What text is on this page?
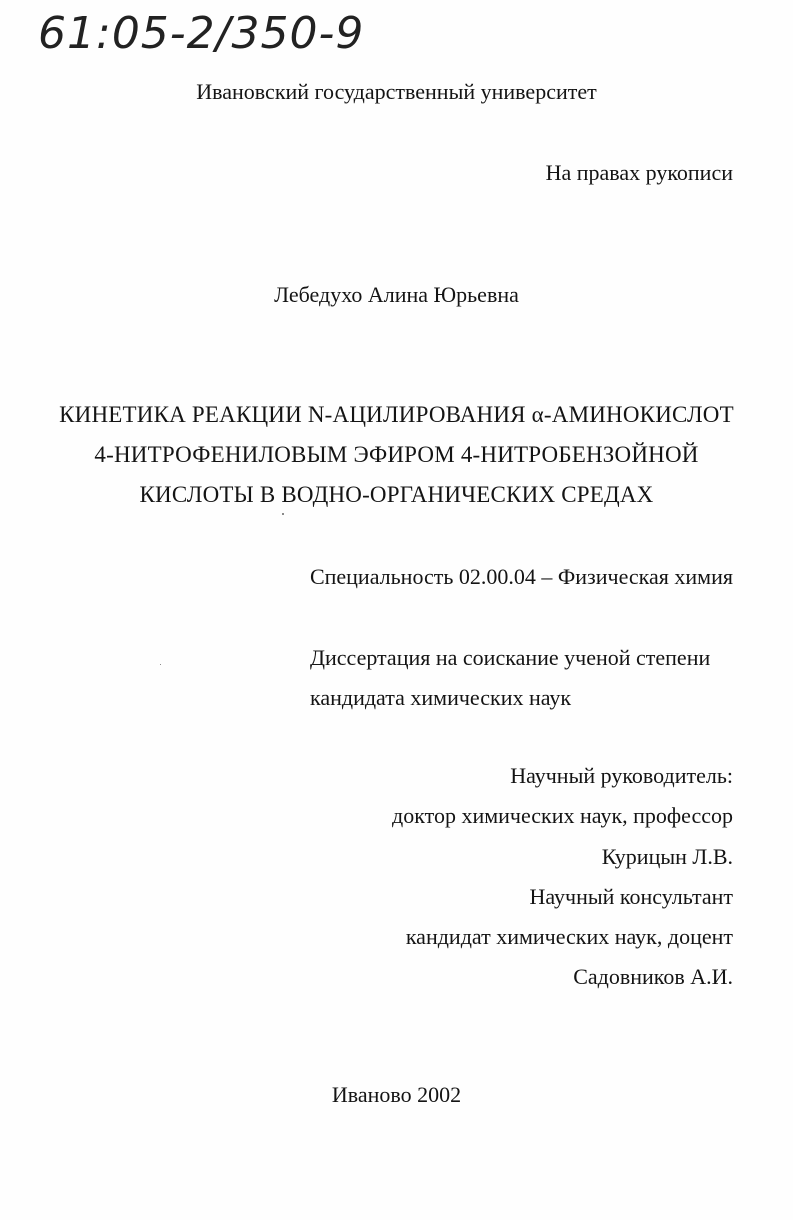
61:05-2/350-9
Ивановский государственный университет
На правах рукописи
Лебедухо Алина Юрьевна
КИНЕТИКА РЕАКЦИИ N-АЦИЛИРОВАНИЯ α-АМИНОКИСЛОТ
4-НИТРОФЕНИЛОВЫМ ЭФИРОМ 4-НИТРОБЕНЗОЙНОЙ
КИСЛОТЫ В ВОДНО-ОРГАНИЧЕСКИХ СРЕДАХ
Специальность 02.00.04 – Физическая химия
Диссертация на соискание ученой степени
кандидата химических наук
Научный руководитель:
доктор химических наук, профессор
Курицын Л.В.
Научный консультант
кандидат химических наук, доцент
Садовников А.И.
Иваново 2002
